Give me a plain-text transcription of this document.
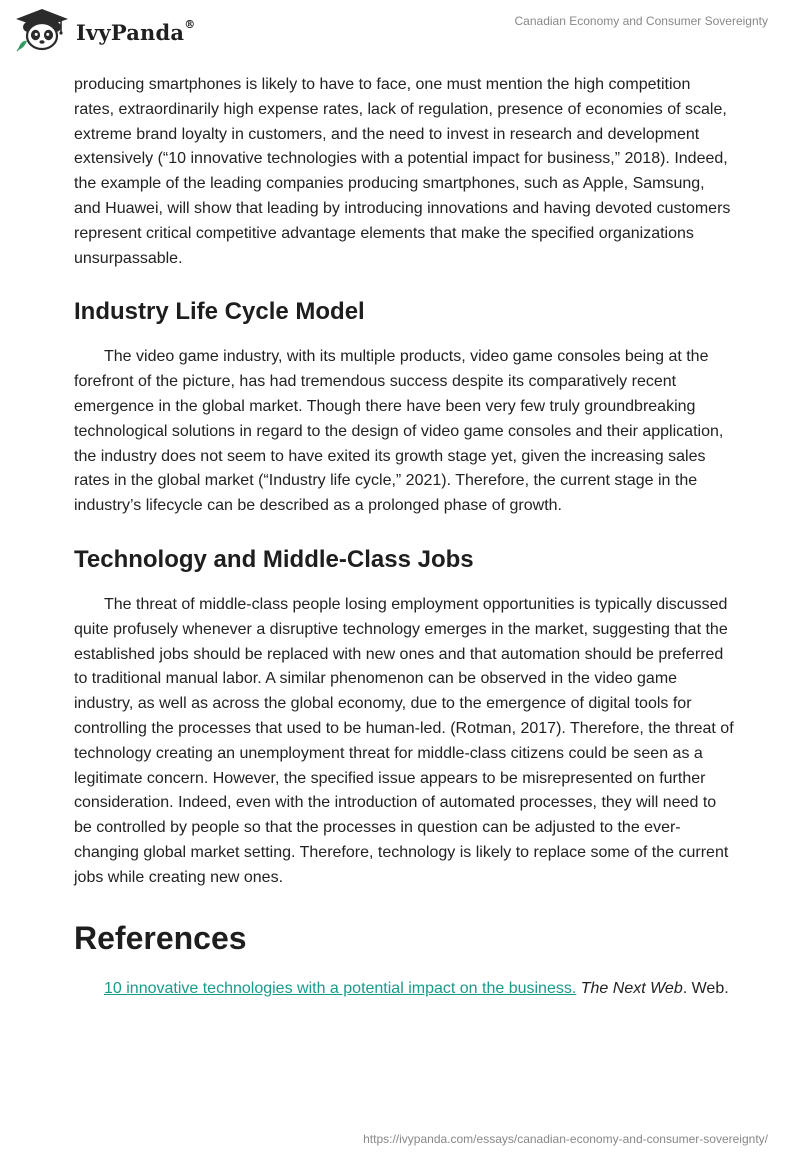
IvyPanda®	Canadian Economy and Consumer Sovereignty

producing smartphones is likely to have to face, one must mention the high competition rates, extraordinarily high expense rates, lack of regulation, presence of economies of scale, extreme brand loyalty in customers, and the need to invest in research and development extensively (“10 innovative technologies with a potential impact for business,” 2018). Indeed, the example of the leading companies producing smartphones, such as Apple, Samsung, and Huawei, will show that leading by introducing innovations and having devoted customers represent critical competitive advantage elements that make the specified organizations unsurpassable.

Industry Life Cycle Model

The video game industry, with its multiple products, video game consoles being at the forefront of the picture, has had tremendous success despite its comparatively recent emergence in the global market. Though there have been very few truly groundbreaking technological solutions in regard to the design of video game consoles and their application, the industry does not seem to have exited its growth stage yet, given the increasing sales rates in the global market (“Industry life cycle,” 2021). Therefore, the current stage in the industry’s lifecycle can be described as a prolonged phase of growth.

Technology and Middle-Class Jobs

The threat of middle-class people losing employment opportunities is typically discussed quite profusely whenever a disruptive technology emerges in the market, suggesting that the established jobs should be replaced with new ones and that automation should be preferred to traditional manual labor. A similar phenomenon can be observed in the video game industry, as well as across the global economy, due to the emergence of digital tools for controlling the processes that used to be human-led. (Rotman, 2017). Therefore, the threat of technology creating an unemployment threat for middle-class citizens could be seen as a legitimate concern. However, the specified issue appears to be misrepresented on further consideration. Indeed, even with the introduction of automated processes, they will need to be controlled by people so that the processes in question can be adjusted to the ever-changing global market setting. Therefore, technology is likely to replace some of the current jobs while creating new ones.

References

10 innovative technologies with a potential impact on the business. The Next Web. Web.

https://ivypanda.com/essays/canadian-economy-and-consumer-sovereignty/
